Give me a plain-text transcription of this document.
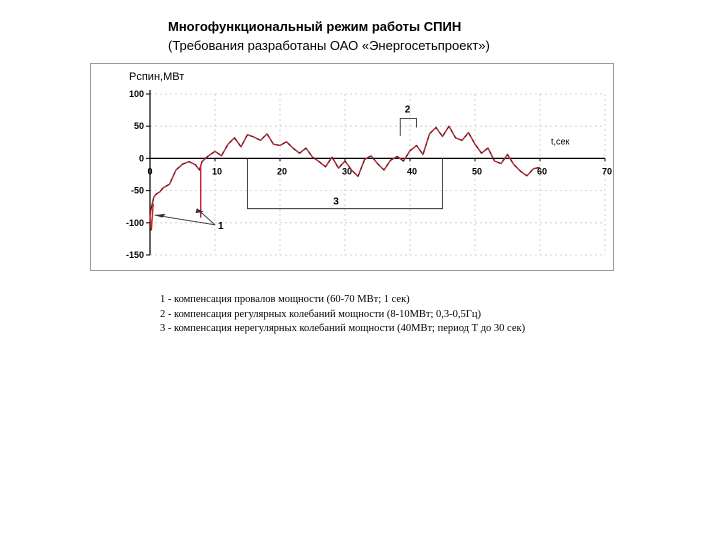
Многофункциональный режим работы СПИН
(Требования разработаны ОАО «Энергосетьпроект»)
100
50
0
-50
-100
-150
0	10	20	30	40	50	60	70
Рспин,МВт
t,сек
3
2
1
1 - компенсация провалов мощности (60-70 МВт; 1 сек)
2 - компенсация регулярных колебаний мощности (8-10МВт; 0,3-0,5Гц)
3 - компенсация нерегулярных колебаний мощности (40МВт; период Т до 30 сек)
